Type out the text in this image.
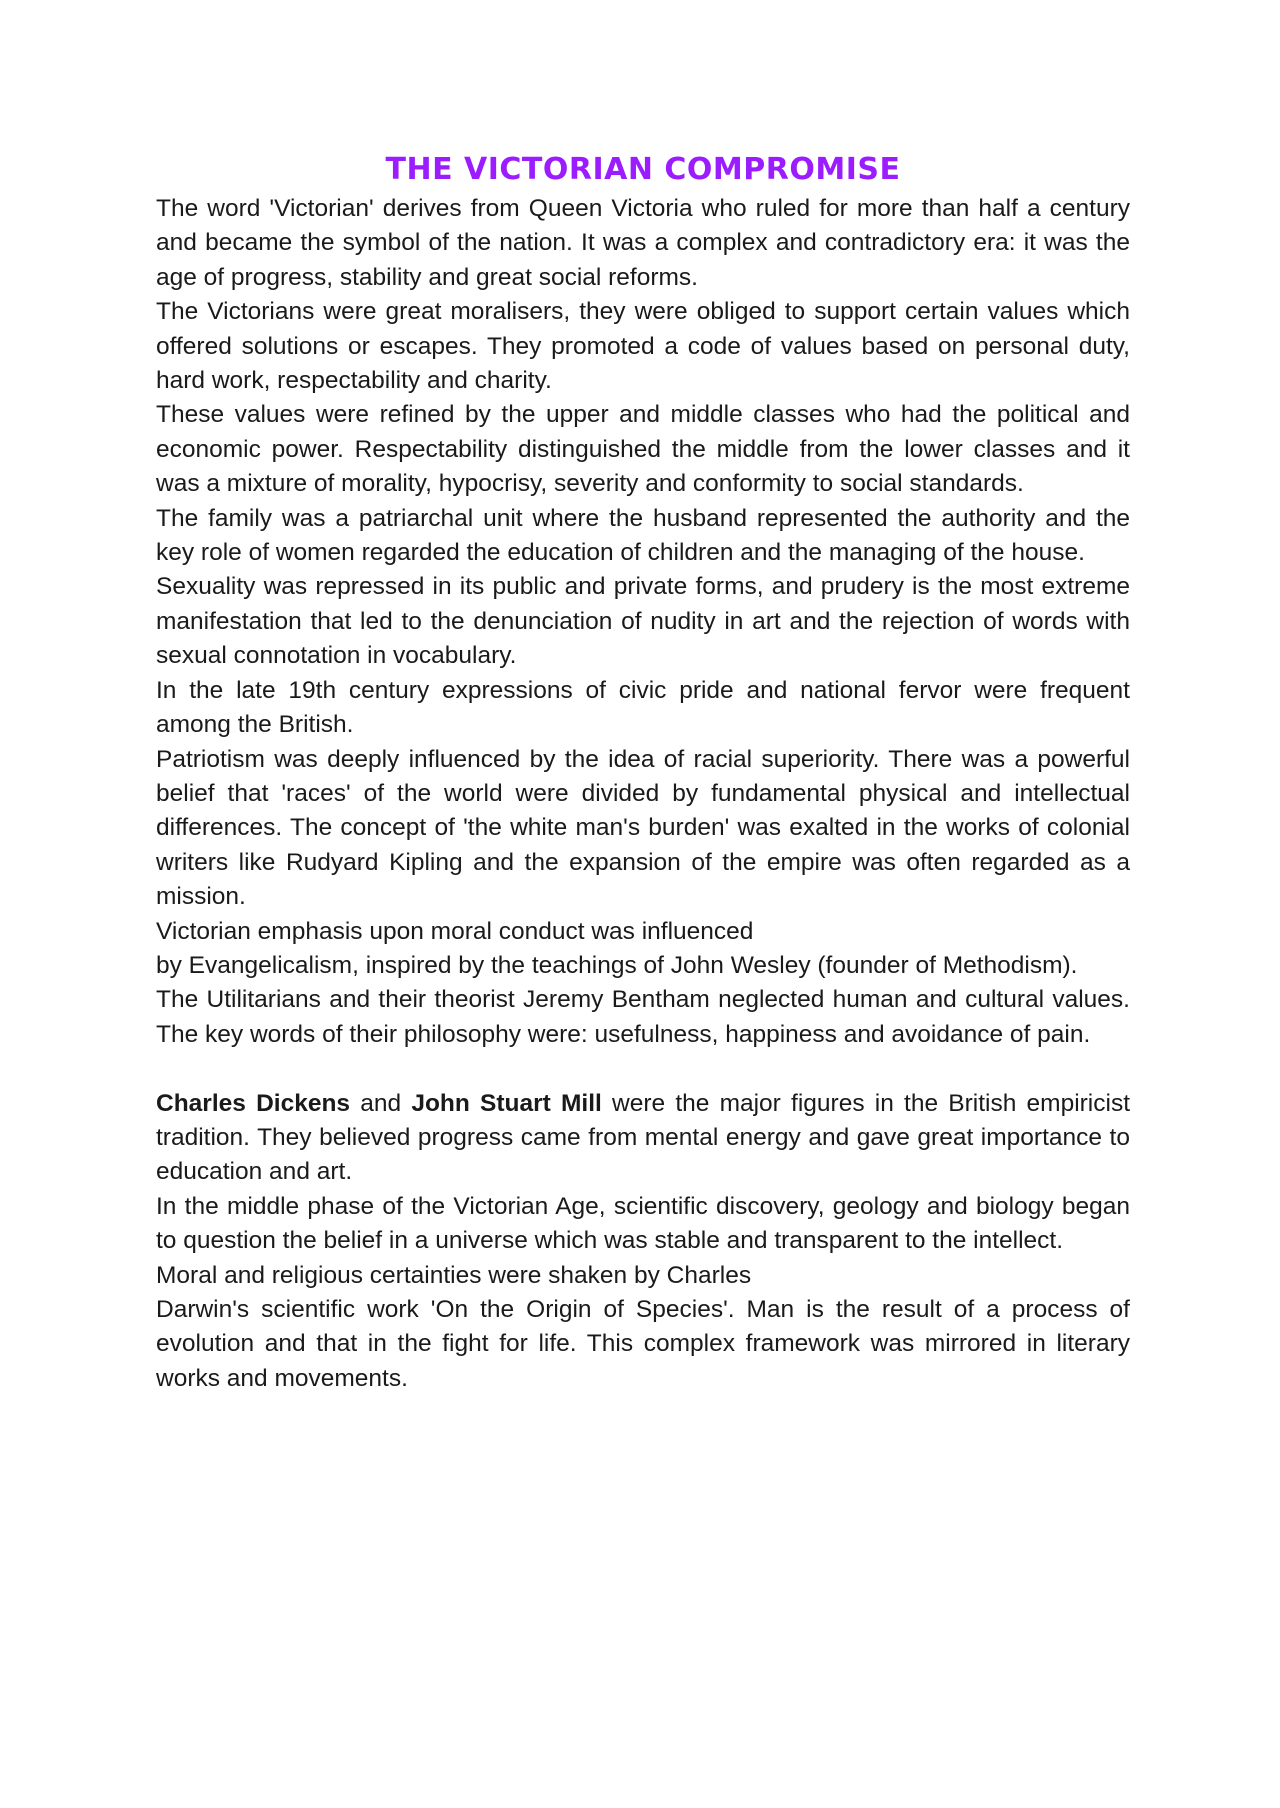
THE VICTORIAN COMPROMISE

The word 'Victorian' derives from Queen Victoria who ruled for more than half a century and became the symbol of the nation. It was a complex and contradictory era: it was the age of progress, stability and great social reforms.

The Victorians were great moralisers, they were obliged to support certain values which offered solutions or escapes. They promoted a code of values based on personal duty, hard work, respectability and charity.

These values were refined by the upper and middle classes who had the political and economic power. Respectability distinguished the middle from the lower classes and it was a mixture of morality, hypocrisy, severity and conformity to social standards.

The family was a patriarchal unit where the husband represented the authority and the key role of women regarded the education of children and the managing of the house.

Sexuality was repressed in its public and private forms, and prudery is the most extreme manifestation that led to the denunciation of nudity in art and the rejection of words with sexual connotation in vocabulary.

In the late 19th century expressions of civic pride and national fervor were frequent among the British.

Patriotism was deeply influenced by the idea of racial superiority. There was a powerful belief that 'races' of the world were divided by fundamental physical and intellectual differences. The concept of 'the white man's burden' was exalted in the works of colonial writers like Rudyard Kipling and the expansion of the empire was often regarded as a mission.

Victorian emphasis upon moral conduct was influenced

by Evangelicalism, inspired by the teachings of John Wesley (founder of Methodism).

The Utilitarians and their theorist Jeremy Bentham neglected human and cultural values. The key words of their philosophy were: usefulness, happiness and avoidance of pain.

Charles Dickens and John Stuart Mill were the major figures in the British empiricist tradition. They believed progress came from mental energy and gave great importance to education and art.

In the middle phase of the Victorian Age, scientific discovery, geology and biology began to question the belief in a universe which was stable and transparent to the intellect.

Moral and religious certainties were shaken by Charles

Darwin's scientific work 'On the Origin of Species'. Man is the result of a process of evolution and that in the fight for life. This complex framework was mirrored in literary works and movements.
